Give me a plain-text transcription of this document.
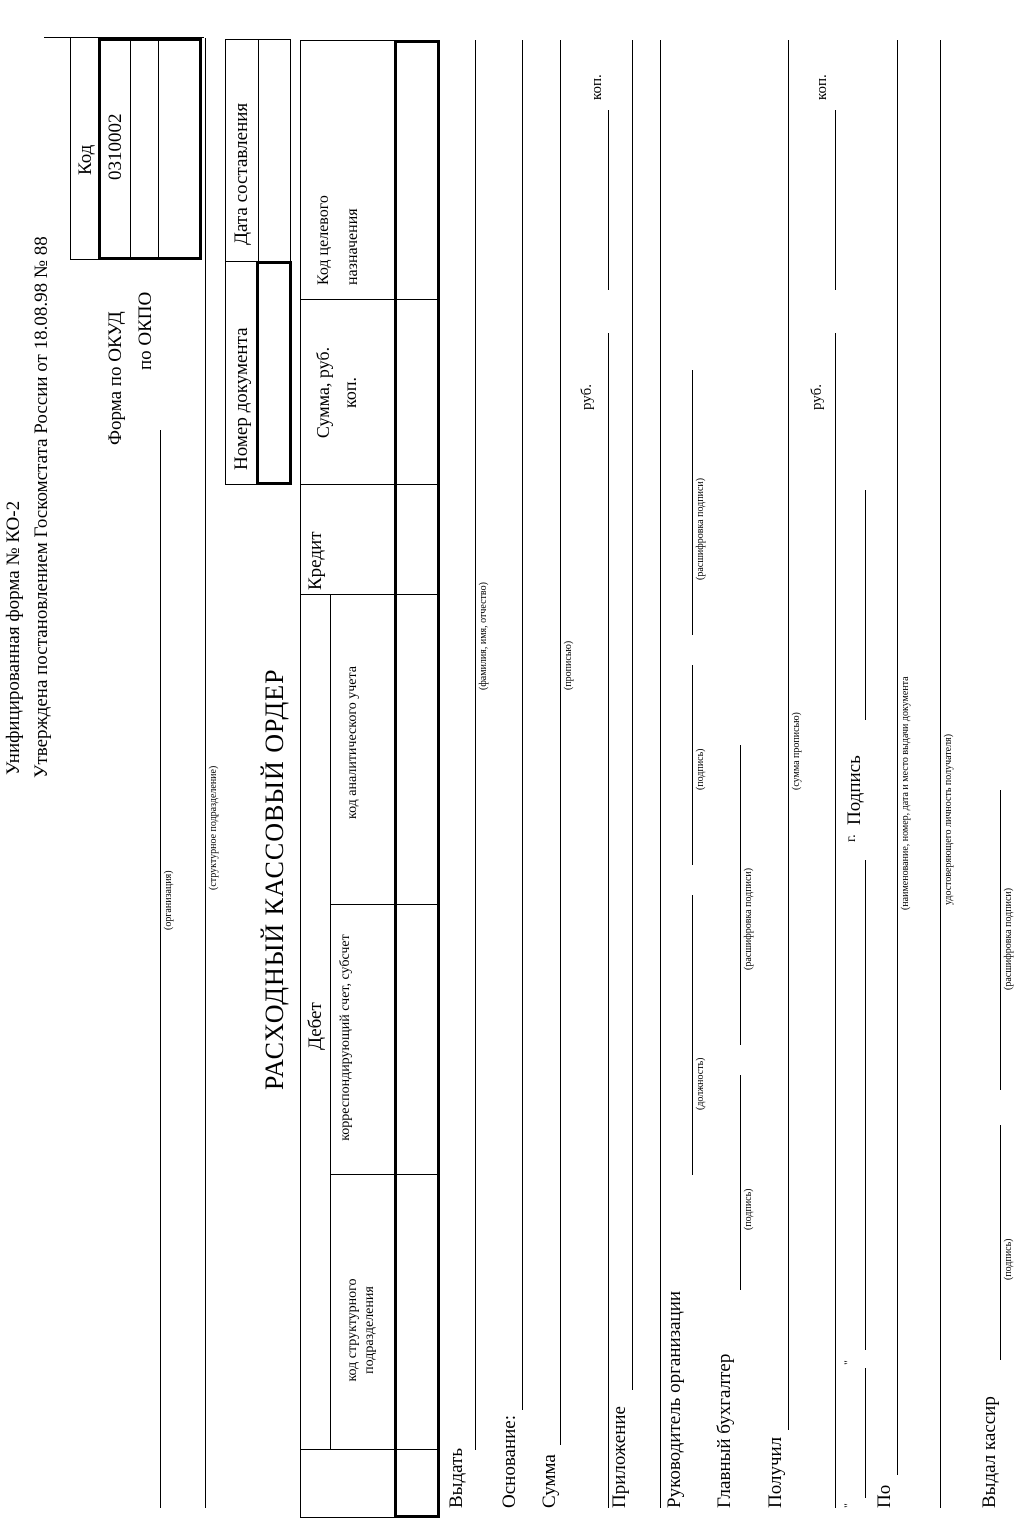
Унифицированная форма № КО-2 Утверждена постановлением Госкомстата России от 18.08.98 № 88
Код 0310002
Форма по ОКУД по ОКПО
(организация)
(структурное подразделение)
Номер документа
Дата составления
РАСХОДНЫЙ КАССОВЫЙ ОРДЕР Дебет
Кредит
код структурного подразделения
корреспондирующий счет, субсчет
код аналитического учета
Сумма, руб. коп.
Код целевого назначения
Выдать
(фамилия, имя, отчество)
Основание: Сумма
(прописью)
руб.
коп.
Приложение Руководитель организации
(должность)
(подпись)
(расшифровка подписи)
Главный бухгалтер
(подпись)
(расшифровка подписи)
Получил
(сумма прописью)
руб.
коп.
"
"
г.
Подпись
По
(наименование, номер, дата и место выдачи документа	удостоверяющего личность получателя)
Выдал кассир
(подпись)
(расшифровка подписи)
